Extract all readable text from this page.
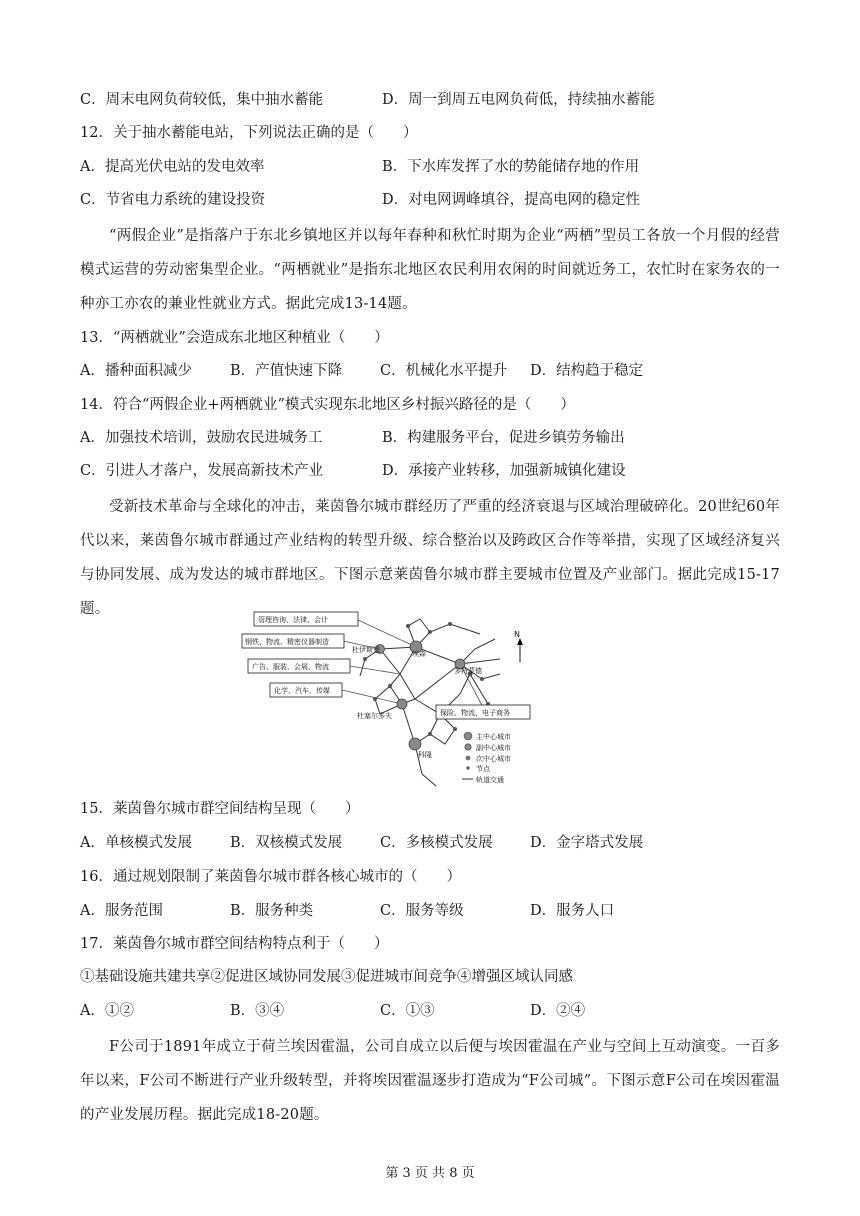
C．周末电网负荷较低，集中抽水蓄能	D．周一到周五电网负荷低，持续抽水蓄能
12．关于抽水蓄能电站，下列说法正确的是（　　）
A．提高光伏电站的发电效率	B．下水库发挥了水的势能储存地的作用
C．节省电力系统的建设投资	D．对电网调峰填谷，提高电网的稳定性
“两假企业”是指落户于东北乡镇地区并以每年春种和秋忙时期为企业“两栖”型员工各放一个月假的经营模式运营的劳动密集型企业。“两栖就业”是指东北地区农民利用农闲的时间就近务工，农忙时在家务农的一种亦工亦农的兼业性就业方式。据此完成13-14题。
13．“两栖就业”会造成东北地区种植业（　　）
A．播种面积减少	B．产值快速下降	C．机械化水平提升 D．结构趋于稳定
14．符合“两假企业+两栖就业”模式实现东北地区乡村振兴路径的是（　　）
A．加强技术培训，鼓励农民进城务工	B．构建服务平台，促进乡镇劳务输出
C．引进人才落户，发展高新技术产业	D．承接产业转移，加强新城镇化建设
受新技术革命与全球化的冲击，莱茵鲁尔城市群经历了严重的经济衰退与区域治理破碎化。20世纪60年代以来，莱茵鲁尔城市群通过产业结构的转型升级、综合整治以及跨政区合作等举措，实现了区域经济复兴与协同发展、成为发达的城市群地区。下图示意莱茵鲁尔城市群主要城市位置及产业部门。据此完成15-17题。
管理咨询、法律、会计
钢铁、物流、精密仪器制造
广告、服装、会展、物流
化学、汽车、传媒
保险、物流、电子商务
杜伊斯堡	埃森
多特蒙德
杜塞尔多夫
科隆
N
主中心城市
副中心城市
次中心城市
节点
轨道交通
15．莱茵鲁尔城市群空间结构呈现（　　）
A．单核模式发展	B．双核模式发展	C．多核模式发展	D．金字塔式发展
16．通过规划限制了莱茵鲁尔城市群各核心城市的（　　）
A．服务范围	B．服务种类	C．服务等级	D．服务人口
17．莱茵鲁尔城市群空间结构特点利于（　　）
①基础设施共建共享②促进区域协同发展③促进城市间竞争④增强区域认同感
A．①②	B．③④	C．①③	D．②④
F公司于1891年成立于荷兰埃因霍温，公司自成立以后便与埃因霍温在产业与空间上互动演变。一百多年以来，F公司不断进行产业升级转型，并将埃因霍温逐步打造成为“F公司城”。下图示意F公司在埃因霍温的产业发展历程。据此完成18-20题。
第 3 页 共 8 页
